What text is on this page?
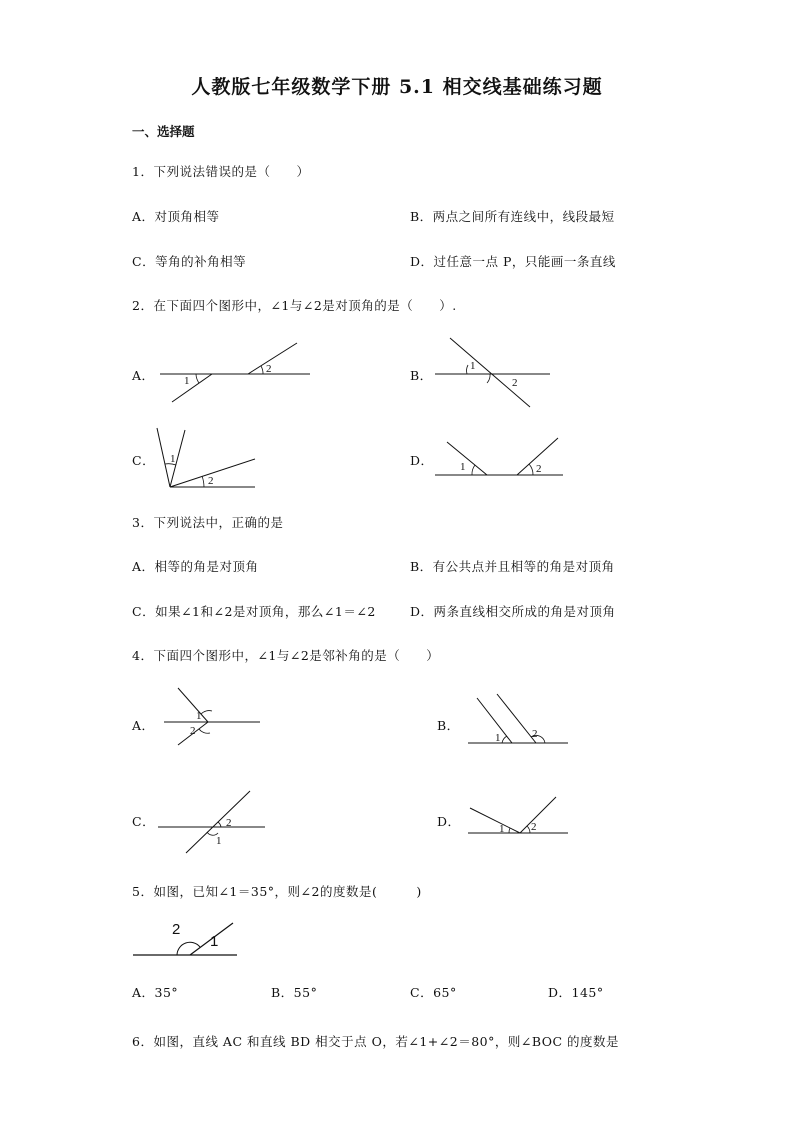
人教版七年级数学下册 5.1 相交线基础练习题
一、选择题
1．下列说法错误的是（　　）
A．对顶角相等	B．两点之间所有连线中，线段最短
C．等角的补角相等	D．过任意一点 P，只能画一条直线
2．在下面四个图形中，∠1与∠2是对顶角的是（　　）.
A．	1
2	B．
1
2
C． 1
2
D． 1	2
3．下列说法中，正确的是
A．相等的角是对顶角	B．有公共点并且相等的角是对顶角
C．如果∠1和∠2是对顶角，那么∠1＝∠2	D．两条直线相交所成的角是对顶角
4．下面四个图形中，∠1与∠2是邻补角的是（　　）
A．
1
2	B．
1	2
C．	2
1
D．	1 2
5．如图，已知∠1＝35°，则∠2的度数是(　　　)
2
1
A．35°	B．55°	C．65°	D．145°
6．如图，直线 AC 和直线 BD 相交于点 O，若∠1+∠2＝80°，则∠BOC 的度数是
